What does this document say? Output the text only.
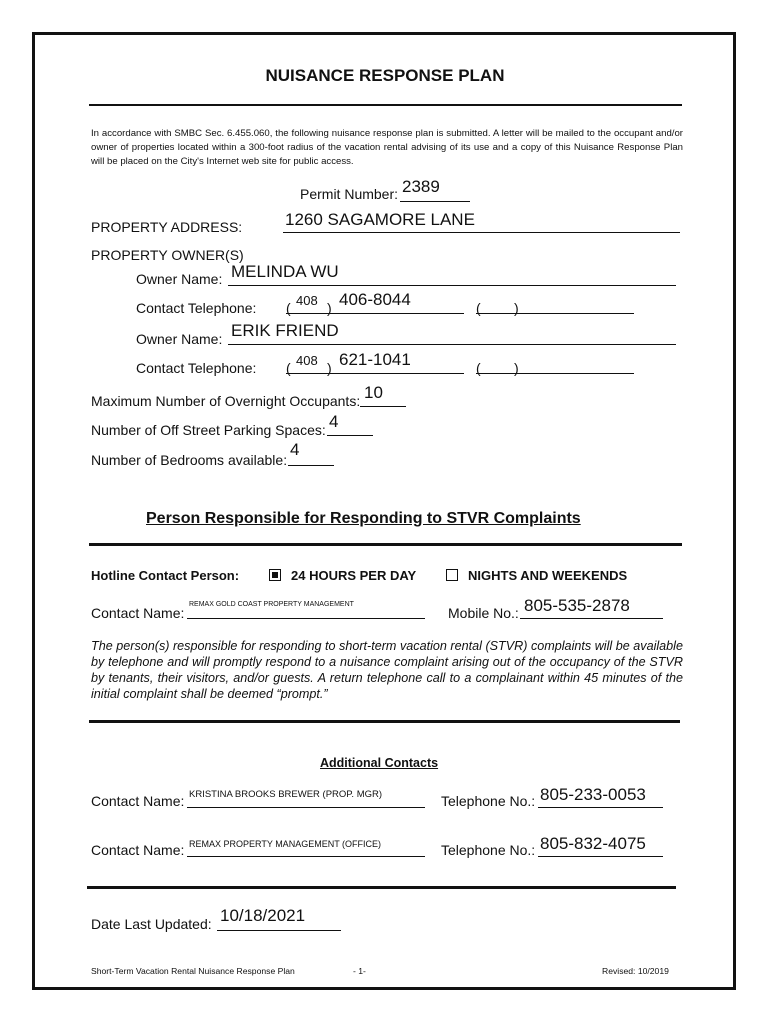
NUISANCE RESPONSE PLAN
In accordance with SMBC Sec. 6.455.060, the following nuisance response plan is submitted. A letter will be mailed to the occupant and/or owner of properties located within a 300-foot radius of the vacation rental advising of its use and a copy of this Nuisance Response Plan will be placed on the City's Internet web site for public access.
Permit Number: 2389
PROPERTY ADDRESS:	1260 SAGAMORE LANE
PROPERTY OWNER(S)
Owner Name: MELINDA WU
Contact Telephone: ( 408 ) 406-8044	( )
Owner Name: ERIK FRIEND
Contact Telephone: ( 408 ) 621-1041	( )
Maximum Number of Overnight Occupants: 10
Number of Off Street Parking Spaces: 4
Number of Bedrooms available:
4
Person Responsible for Responding to STVR Complaints
Hotline Contact Person:	24 HOURS PER DAY	NIGHTS AND WEEKENDS
Contact Name:
REMAX GOLD COAST PROPERTY MANAGEMENT
Mobile No.: 805-535-2878
The person(s) responsible for responding to short-term vacation rental (STVR) complaints will be available by telephone and will promptly respond to a nuisance complaint arising out of the occupancy of the STVR by tenants, their visitors, and/or guests. A return telephone call to a complainant within 45 minutes of the initial complaint shall be deemed “prompt.”
Additional Contacts
Contact Name: KRISTINA BROOKS BREWER (PROP. MGR)	Telephone No.: 805-233-0053
Contact Name: REMAX PROPERTY MANAGEMENT (OFFICE)	Telephone No.: 805-832-4075
Date Last Updated: 10/18/2021
Short-Term Vacation Rental Nuisance Response Plan	- 1-	Revised: 10/2019
